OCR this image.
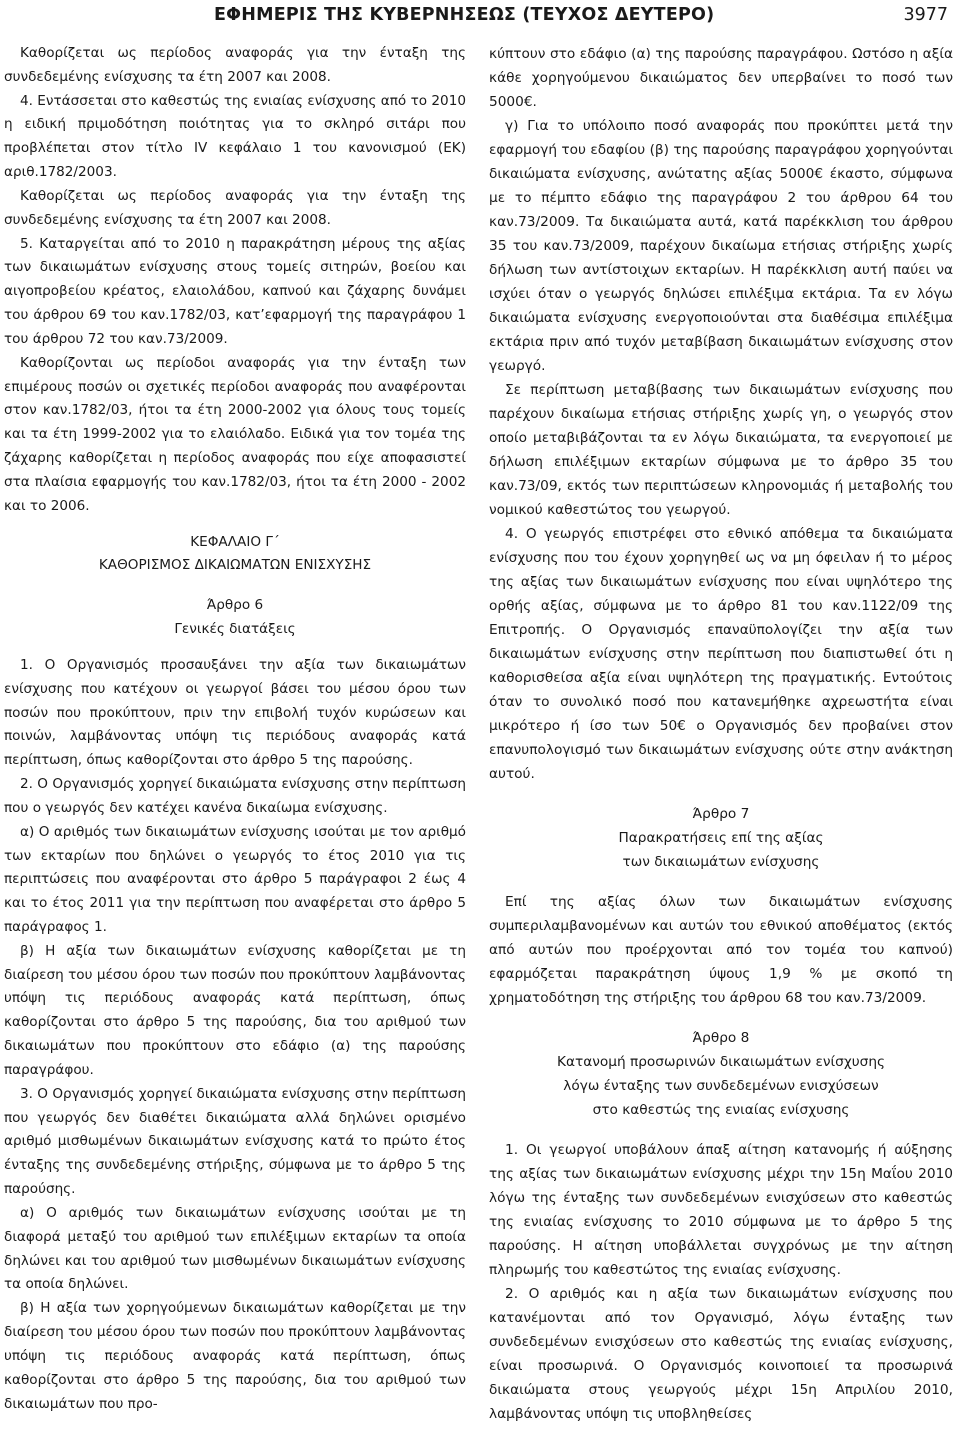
ΕΦΗΜΕΡΙΣ ΤΗΣ ΚΥΒΕΡΝΗΣΕΩΣ (ΤΕΥΧΟΣ ΔΕΥΤΕΡΟ)	3977

Καθορίζεται ως περίοδος αναφοράς για την ένταξη της συνδεδεμένης ενίσχυσης τα έτη 2007 και 2008.

4. Εντάσσεται στο καθεστώς της ενιαίας ενίσχυσης από το 2010 η ειδική πριμοδότηση ποιότητας για το σκληρό σιτάρι που προβλέπεται στον τίτλο IV κεφάλαιο 1 του κανονισμού (ΕΚ) αριθ.1782/2003.

Καθορίζεται ως περίοδος αναφοράς για την ένταξη της συνδεδεμένης ενίσχυσης τα έτη 2007 και 2008.

5. Καταργείται από το 2010 η παρακράτηση μέρους της αξίας των δικαιωμάτων ενίσχυσης στους τομείς σιτηρών, βοείου και αιγοπροβείου κρέατος, ελαιολάδου, καπνού και ζάχαρης δυνάμει του άρθρου 69 του καν.1782/03, κατ’εφαρμογή της παραγράφου 1 του άρθρου 72 του καν.73/2009.

Καθορίζονται ως περίοδοι αναφοράς για την ένταξη των επιμέρους ποσών οι σχετικές περίοδοι αναφοράς που αναφέρονται στον καν.1782/03, ήτοι τα έτη 2000-2002 για όλους τους τομείς και τα έτη 1999-2002 για το ελαιόλαδο. Ειδικά για τον τομέα της ζάχαρης καθορίζεται η περίοδος αναφοράς που είχε αποφασιστεί στα πλαίσια εφαρμογής του καν.1782/03, ήτοι τα έτη 2000 - 2002 και το 2006.

ΚΕΦΑΛΑΙΟ Γ΄
ΚΑΘΟΡΙΣΜΟΣ ΔΙΚΑΙΩΜΑΤΩΝ ΕΝΙΣΧΥΣΗΣ
Άρθρο 6
Γενικές διατάξεις

1. Ο Οργανισμός προσαυξάνει την αξία των δικαιωμάτων ενίσχυσης που κατέχουν οι γεωργοί βάσει του μέσου όρου των ποσών που προκύπτουν, πριν την επιβολή τυχόν κυρώσεων και ποινών, λαμβάνοντας υπόψη τις περιόδους αναφοράς κατά περίπτωση, όπως καθορίζονται στο άρθρο 5 της παρούσης.

2. Ο Οργανισμός χορηγεί δικαιώματα ενίσχυσης στην περίπτωση που ο γεωργός δεν κατέχει κανένα δικαίωμα ενίσχυσης.

α) Ο αριθμός των δικαιωμάτων ενίσχυσης ισούται με τον αριθμό των εκταρίων που δηλώνει ο γεωργός το έτος 2010 για τις περιπτώσεις που αναφέρονται στο άρθρο 5 παράγραφοι 2 έως 4 και το έτος 2011 για την περίπτωση που αναφέρεται στο άρθρο 5 παράγραφος 1.

β) Η αξία των δικαιωμάτων ενίσχυσης καθορίζεται με τη διαίρεση του μέσου όρου των ποσών που προκύπτουν λαμβάνοντας υπόψη τις περιόδους αναφοράς κατά περίπτωση, όπως καθορίζονται στο άρθρο 5 της παρούσης, δια του αριθμού των δικαιωμάτων που προκύπτουν στο εδάφιο (α) της παρούσης παραγράφου.

3. Ο Οργανισμός χορηγεί δικαιώματα ενίσχυσης στην περίπτωση που γεωργός δεν διαθέτει δικαιώματα αλλά δηλώνει ορισμένο αριθμό μισθωμένων δικαιωμάτων ενίσχυσης κατά το πρώτο έτος ένταξης της συνδεδεμένης στήριξης, σύμφωνα με το άρθρο 5 της παρούσης.

α) Ο αριθμός των δικαιωμάτων ενίσχυσης ισούται με τη διαφορά μεταξύ του αριθμού των επιλέξιμων εκταρίων τα οποία δηλώνει και του αριθμού των μισθωμένων δικαιωμάτων ενίσχυσης τα οποία δηλώνει.

β) Η αξία των χορηγούμενων δικαιωμάτων καθορίζεται με την διαίρεση του μέσου όρου των ποσών που προκύπτουν λαμβάνοντας υπόψη τις περιόδους αναφοράς κατά περίπτωση, όπως καθορίζονται στο άρθρο 5 της παρούσης, δια του αριθμού των δικαιωμάτων που προ-

κύπτουν στο εδάφιο (α) της παρούσης παραγράφου. Ωστόσο η αξία κάθε χορηγούμενου δικαιώματος δεν υπερβαίνει το ποσό των 5000€.

γ) Για το υπόλοιπο ποσό αναφοράς που προκύπτει μετά την εφαρμογή του εδαφίου (β) της παρούσης παραγράφου χορηγούνται δικαιώματα ενίσχυσης, ανώτατης αξίας 5000€ έκαστο, σύμφωνα με το πέμπτο εδάφιο της παραγράφου 2 του άρθρου 64 του καν.73/2009. Τα δικαιώματα αυτά, κατά παρέκκλιση του άρθρου 35 του καν.73/2009, παρέχουν δικαίωμα ετήσιας στήριξης χωρίς δήλωση των αντίστοιχων εκταρίων. Η παρέκκλιση αυτή παύει να ισχύει όταν ο γεωργός δηλώσει επιλέξιμα εκτάρια. Τα εν λόγω δικαιώματα ενίσχυσης ενεργοποιούνται στα διαθέσιμα επιλέξιμα εκτάρια πριν από τυχόν μεταβίβαση δικαιωμάτων ενίσχυσης στον γεωργό.

Σε περίπτωση μεταβίβασης των δικαιωμάτων ενίσχυσης που παρέχουν δικαίωμα ετήσιας στήριξης χωρίς γη, ο γεωργός στον οποίο μεταβιβάζονται τα εν λόγω δικαιώματα, τα ενεργοποιεί με δήλωση επιλέξιμων εκταρίων σύμφωνα με το άρθρο 35 του καν.73/09, εκτός των περιπτώσεων κληρονομιάς ή μεταβολής του νομικού καθεστώτος του γεωργού.

4. Ο γεωργός επιστρέφει στο εθνικό απόθεμα τα δικαιώματα ενίσχυσης που του έχουν χορηγηθεί ως να μη όφειλαν ή το μέρος της αξίας των δικαιωμάτων ενίσχυσης που είναι υψηλότερο της ορθής αξίας, σύμφωνα με το άρθρο 81 του καν.1122/09 της Επιτροπής. Ο Οργανισμός επαναϋπολογίζει την αξία των δικαιωμάτων ενίσχυσης στην περίπτωση που διαπιστωθεί ότι η καθορισθείσα αξία είναι υψηλότερη της πραγματικής. Εντούτοις όταν το συνολικό ποσό που κατανεμήθηκε αχρεωστήτα είναι μικρότερο ή ίσο των 50€ ο Οργανισμός δεν προβαίνει στον επανυπολογισμό των δικαιωμάτων ενίσχυσης ούτε στην ανάκτηση αυτού.

Άρθρο 7
Παρακρατήσεις επί της αξίας
των δικαιωμάτων ενίσχυσης

Επί της αξίας όλων των δικαιωμάτων ενίσχυσης συμπεριλαμβανομένων και αυτών του εθνικού αποθέματος (εκτός από αυτών που προέρχονται από τον τομέα του καπνού) εφαρμόζεται παρακράτηση ύψους 1,9 % με σκοπό τη χρηματοδότηση της στήριξης του άρθρου 68 του καν.73/2009.

Άρθρο 8
Κατανομή προσωρινών δικαιωμάτων ενίσχυσης
λόγω ένταξης των συνδεδεμένων ενισχύσεων
στο καθεστώς της ενιαίας ενίσχυσης

1. Οι γεωργοί υποβάλουν άπαξ αίτηση κατανομής ή αύξησης της αξίας των δικαιωμάτων ενίσχυσης μέχρι την 15η Μαΐου 2010 λόγω της ένταξης των συνδεδεμένων ενισχύσεων στο καθεστώς της ενιαίας ενίσχυσης το 2010 σύμφωνα με το άρθρο 5 της παρούσης. Η αίτηση υποβάλλεται συγχρόνως με την αίτηση πληρωμής του καθεστώτος της ενιαίας ενίσχυσης.

2. Ο αριθμός και η αξία των δικαιωμάτων ενίσχυσης που κατανέμονται από τον Οργανισμό, λόγω ένταξης των συνδεδεμένων ενισχύσεων στο καθεστώς της ενιαίας ενίσχυσης, είναι προσωρινά. Ο Οργανισμός κοινοποιεί τα προσωρινά δικαιώματα στους γεωργούς μέχρι 15η Απριλίου 2010, λαμβάνοντας υπόψη τις υποβληθείσες
